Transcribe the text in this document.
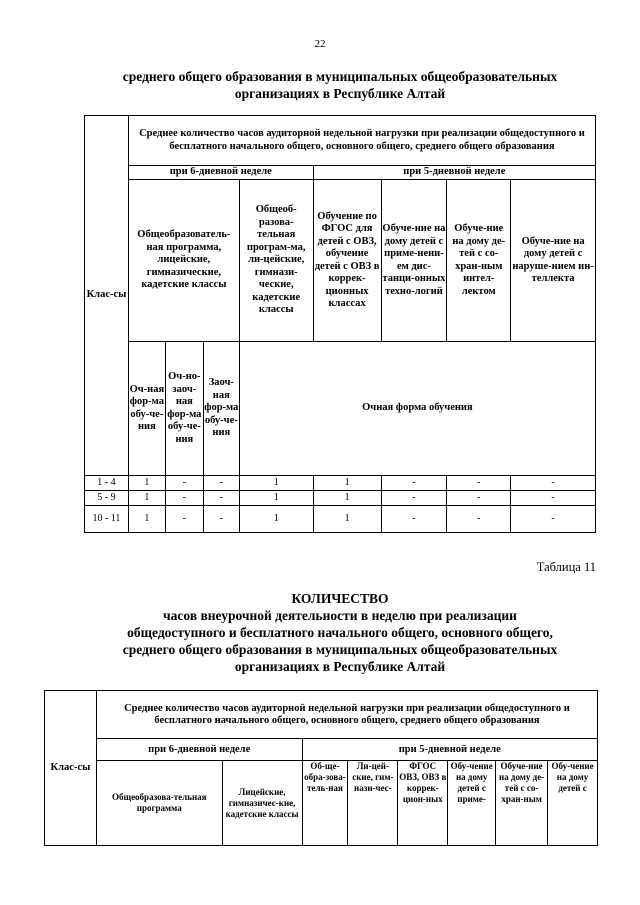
22
среднего общего образования в муниципальных общеобразовательных
организациях в Республике Алтай
Клас-сы	Среднее количество часов аудиторной недельной нагрузки при реализации общедоступного и бесплатного начального общего, основного общего, среднего общего образования							
	при 6-дневной неделе				при 5-дневной неделе			
	Общеобразователь-ная программа, лицейские, гимназические, кадетские классы			Общеоб-разова-тельная програм-ма, ли-цейские, гимнази-ческие, кадетские классы	Обучение по ФГОС для детей с ОВЗ, обучение детей с ОВЗ в коррек-ционных классах	Обуче-ние на дому детей с приме-нени-ем дис-танци-онных техно-логий	Обуче-ние на дому де-тей с со-хран-ным интел-лектом	Обуче-ние на дому детей с наруше-нием ин-теллекта
	Оч-ная фор-ма обу-че-ния	Оч-но-заоч-ная фор-ма обу-че-ния	Заоч-ная фор-ма обу-че-ния	Очная форма обучения				
1 - 4	1	-	-	1	1	-	-	-
5 - 9	1	-	-	1	1	-	-	-
10 - 11	1	-	-	1	1	-	-	-
Таблица 11
КОЛИЧЕСТВО
часов внеурочной деятельности в неделю при реализации
общедоступного и бесплатного начального общего, основного общего,
среднего общего образования в муниципальных общеобразовательных
организациях в Республике Алтай
Клас-сы	Среднее количество часов аудиторной недельной нагрузки при реализации общедоступного и бесплатного начального общего, основного общего, среднего общего образования							
	при 6-дневной неделе		при 5-дневной неделе					
	Общеобразова-тельная программа	Лицейские, гимназичес-кие, кадетские классы	Об-ще-обра-зова-тель-ная	Ли-цей-ские, гим-нази-чес-	ФГОС ОВЗ, ОВЗ в коррек-цион-ных	Обу-чение на дому детей с приме-	Обуче-ние на дому де-тей с со-хран-ным	Обу-чение на дому детей с
